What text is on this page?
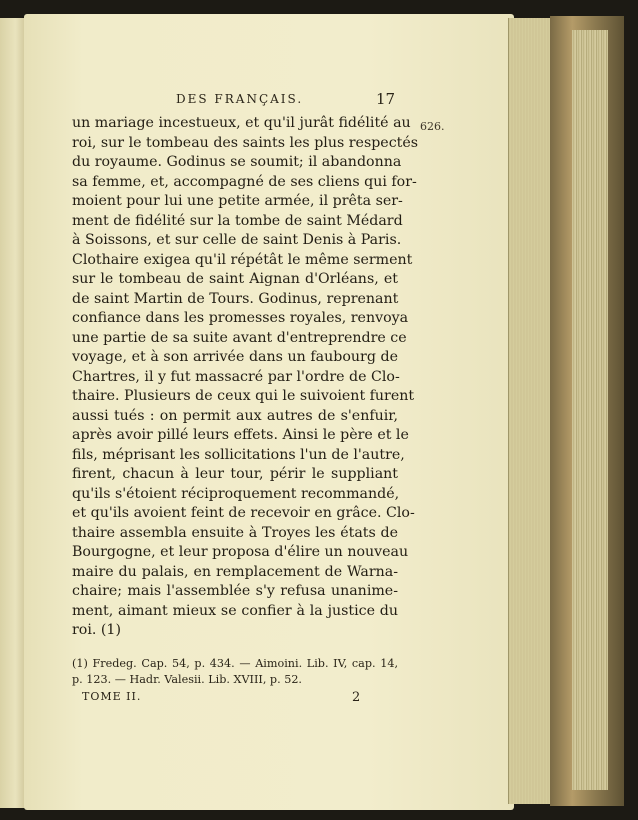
DES FRANÇAIS.	17
626.
un mariage incestueux, et qu'il jurât fidélité au
roi, sur le tombeau des saints les plus respectés
du royaume. Godinus se soumit; il abandonna
sa femme, et, accompagné de ses cliens qui for-
moient pour lui une petite armée, il prêta ser-
ment de fidélité sur la tombe de saint Médard
à Soissons, et sur celle de saint Denis à Paris.
Clothaire exigea qu'il répétât le même serment
sur le tombeau de saint Aignan d'Orléans, et
de saint Martin de Tours. Godinus, reprenant
confiance dans les promesses royales, renvoya
une partie de sa suite avant d'entreprendre ce
voyage, et à son arrivée dans un faubourg de
Chartres, il y fut massacré par l'ordre de Clo-
thaire. Plusieurs de ceux qui le suivoient furent
aussi tués : on permit aux autres de s'enfuir,
après avoir pillé leurs effets. Ainsi le père et le
fils, méprisant les sollicitations l'un de l'autre,
firent, chacun à leur tour, périr le suppliant
qu'ils s'étoient réciproquement recommandé,
et qu'ils avoient feint de recevoir en grâce. Clo-
thaire assembla ensuite à Troyes les états de
Bourgogne, et leur proposa d'élire un nouveau
maire du palais, en remplacement de Warna-
chaire; mais l'assemblée s'y refusa unanime-
ment, aimant mieux se confier à la justice du
roi. (1)
(1) Fredeg. Cap. 54, p. 434. — Aimoini. Lib. IV, cap. 14,
p. 123. — Hadr. Valesii. Lib. XVIII, p. 52.
TOME II.	2
